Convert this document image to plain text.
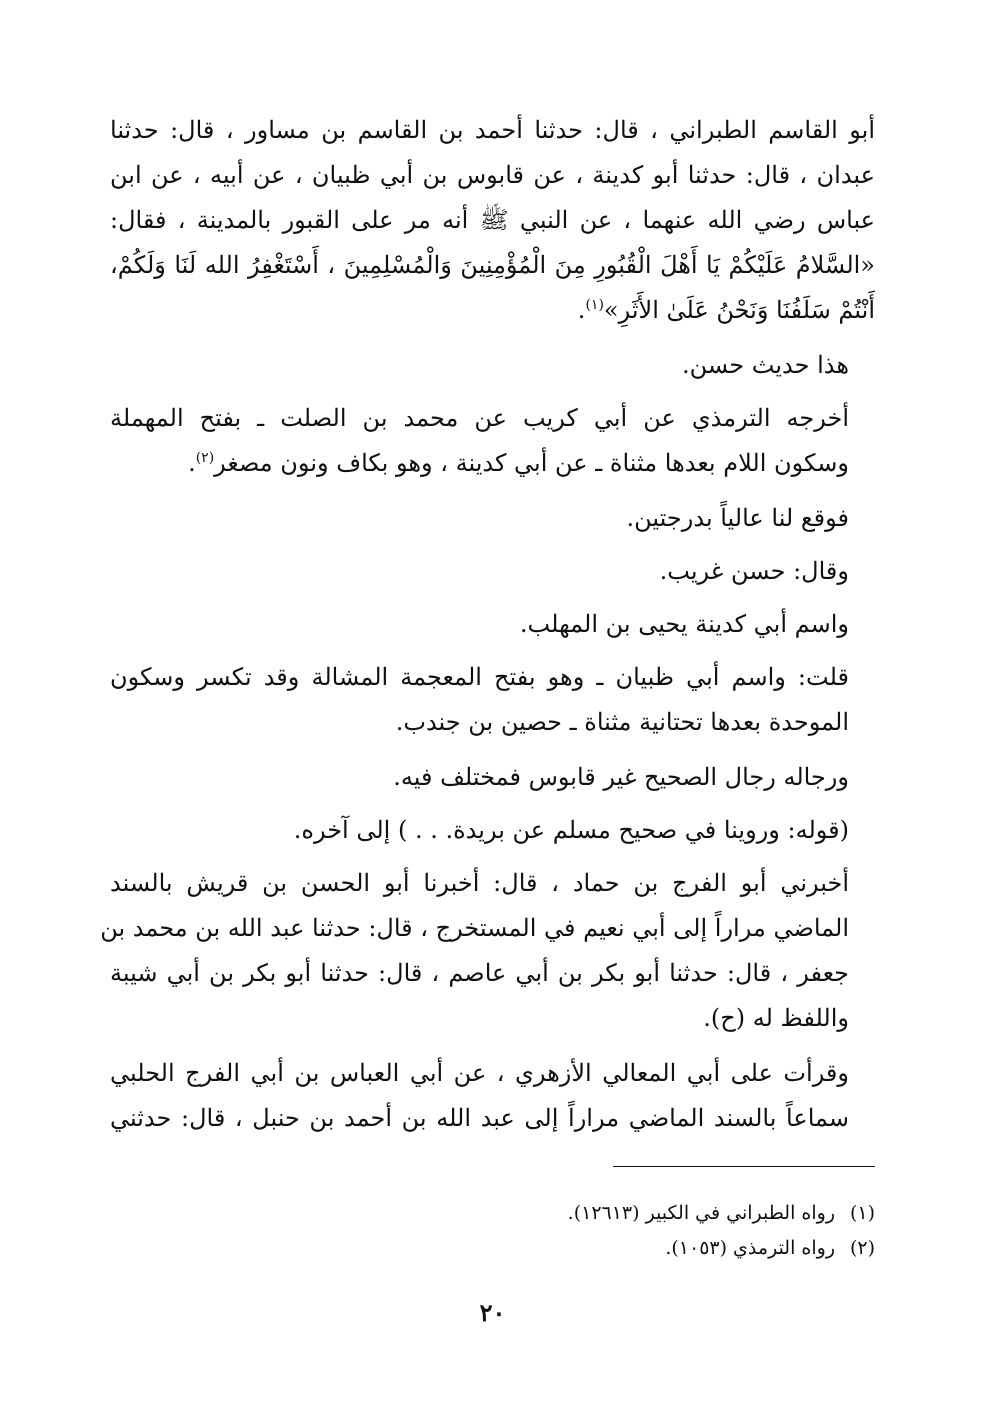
أبو القاسم الطبراني ، قال: حدثنا أحمد بن القاسم بن مساور ، قال: حدثنا
عبدان ، قال: حدثنا أبو كدينة ، عن قابوس بن أبي ظبيان ، عن أبيه ، عن ابن
عباس رضي الله عنهما ، عن النبي ﷺ أنه مر على القبور بالمدينة ، فقال:
«السَّلامُ عَلَيْكُمْ يَا أَهْلَ الْقُبُورِ مِنَ الْمُؤْمِنِينَ وَالْمُسْلِمِينَ ، أَسْتَغْفِرُ الله لَنَا وَلَكُمْ،
أَنْتُمْ سَلَفُنَا وَنَحْنُ عَلَىٰ الأَثَرِ»$^{(١)}$.
هذا حديث حسن.
أخرجه الترمذي عن أبي كريب عن محمد بن الصلت ـ بفتح المهملة
وسكون اللام بعدها مثناة ـ عن أبي كدينة ، وهو بكاف ونون مصغر$^{(٢)}$.
فوقع لنا عالياً بدرجتين.
وقال: حسن غريب.
واسم أبي كدينة يحيى بن المهلب.
قلت: واسم أبي ظبيان ـ وهو بفتح المعجمة المشالة وقد تكسر وسكون
الموحدة بعدها تحتانية مثناة ـ حصين بن جندب.
ورجاله رجال الصحيح غير قابوس فمختلف فيه.
(قوله: وروينا في صحيح مسلم عن بريدة. . . ) إلى آخره.
أخبرني أبو الفرج بن حماد ، قال: أخبرنا أبو الحسن بن قريش بالسند
الماضي مراراً إلى أبي نعيم في المستخرج ، قال: حدثنا عبد الله بن محمد بن
جعفر ، قال: حدثنا أبو بكر بن أبي عاصم ، قال: حدثنا أبو بكر بن أبي شيبة
واللفظ له (ح).
وقرأت على أبي المعالي الأزهري ، عن أبي العباس بن أبي الفرج الحلبي
سماعاً بالسند الماضي مراراً إلى عبد الله بن أحمد بن حنبل ، قال: حدثني
(١)رواه الطبراني في الكبير (١٢٦١٣).
(٢)رواه الترمذي (١٠٥٣).
٢٠
